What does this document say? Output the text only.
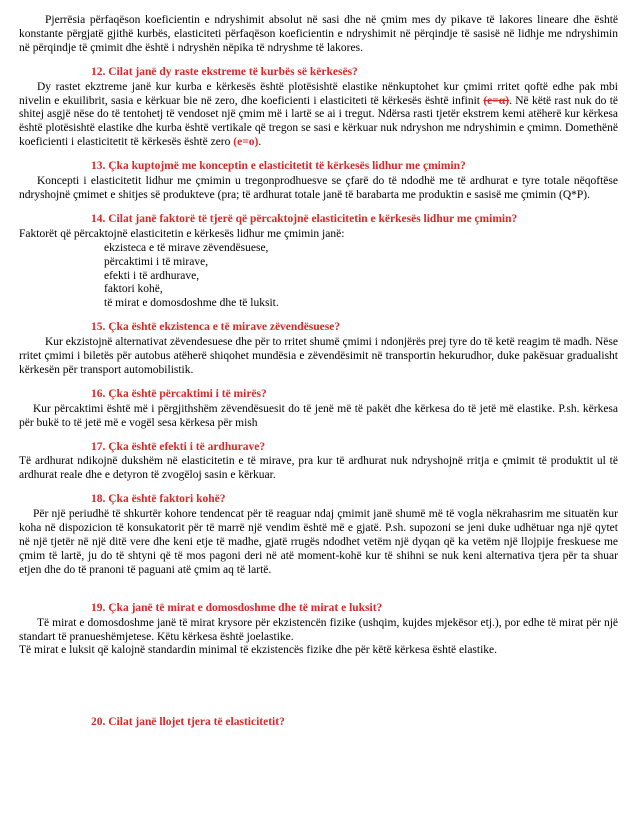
Pjerrësia përfaqëson koeficientin e ndryshimit absolut në sasi dhe në çmim mes dy pikave të lakores lineare dhe është konstante përgjatë gjithë kurbës, elasticiteti përfaqëson koeficientin e ndryshimit në përqindje të sasisë në lidhje me ndryshimin në përqindje të çmimit dhe është i ndryshën nëpika të ndryshme të lakores.

12. Cilat janë dy raste ekstreme të kurbës së kërkesës?

Dy rastet ekztreme janë kur kurba e kërkesës është plotësishtë elastike nënkuptohet kur çmimi rritet qoftë edhe pak mbi nivelin e ekuilibrit, sasia e kërkuar bie në zero, dhe koeficienti i elasticiteti të kërkesës është infinit (e=α). Në këtë rast nuk do të shitej asgjë nëse do të tentohetj të vendoset një çmim më i lartë se ai i tregut. Ndërsa rasti tjetër ekstrem kemi atëherë kur kërkesa është plotësishtë elastike dhe kurba është vertikale që tregon se sasi e kërkuar nuk ndryshon me ndryshimin e çmimn. Domethënë koeficienti i elasticitetit të kërkesës është zero (e=o).

13. Çka kuptojmë me konceptin e elasticitetit të kërkesës lidhur me çmimin?

Koncepti i elasticitetit lidhur me çmimin u tregonprodhuesve se çfarë do të ndodhë me të ardhurat e tyre totale nëqoftëse ndryshojnë çmimet e shitjes së produkteve (pra; të ardhurat totale janë të barabarta me produktin e sasisë me çmimin (Q*P).

14. Cilat janë faktorë të tjerë që përcaktojnë elasticitetin e kërkesës lidhur me çmimin?

Faktorët që përcaktojnë elasticitetin e kërkesës lidhur me çmimin janë:

ekzisteca e të mirave zëvendësuese,
përcaktimi i të mirave,
efekti i të ardhurave,
faktori kohë,
të mirat e domosdoshme dhe të luksit.

15. Çka është ekzistenca e të mirave zëvendësuese?

Kur ekzistojnë alternativat zëvendesuese dhe për to rritet shumë çmimi i ndonjërës prej tyre do të ketë reagim të madh. Nëse rritet çmimi i biletës për autobus atëherë shiqohet mundësia e zëvendësimit në transportin hekurudhor, duke pakësuar gradualisht kërkesën për transport automobilistik.

16. Çka është përcaktimi i të mirës?

Kur përcaktimi është më i përgjithshëm zëvendësuesit do të jenë më të pakët dhe kërkesa do të jetë më elastike. P.sh. kërkesa për bukë to të jetë më e vogël sesa kërkesa për mish

17. Çka është efekti i të ardhurave?

Të ardhurat ndikojnë dukshëm në elasticitetin e të mirave, pra kur të ardhurat nuk ndryshojnë rritja e çmimit të produktit ul të ardhurat reale dhe e detyron të zvogëloj sasin e kërkuar.

18. Çka është faktori kohë?

Për një periudhë të shkurtër kohore tendencat për të reaguar ndaj çmimit janë shumë më të vogla nëkrahasrim me situatën kur koha në dispozicion të konsukatorit për të marrë një vendim është më e gjatë. P.sh. supozoni se jeni duke udhëtuar nga një qytet në një tjetër në një ditë vere dhe keni etje të madhe, gjatë rrugës ndodhet vetëm një dyqan që ka vetëm një llojpije freskuese me çmim të lartë, ju do të shtyni që të mos pagoni deri në atë moment-kohë kur të shihni se nuk keni alternativa tjera për ta shuar etjen dhe do të pranoni të paguani atë çmim aq të lartë.

19. Çka janë të mirat e domosdoshme dhe të mirat e luksit?

Të mirat e domosdoshme janë të mirat krysore për ekzistencën fizike (ushqim, kujdes mjekësor etj.), por edhe të mirat për një standart të pranueshëmjetese. Këtu kërkesa është joelastike.

Të mirat e luksit që kalojnë standardin minimal të ekzistencës fizike dhe për këtë kërkesa është elastike.

20. Cilat janë llojet tjera të elasticitetit?
